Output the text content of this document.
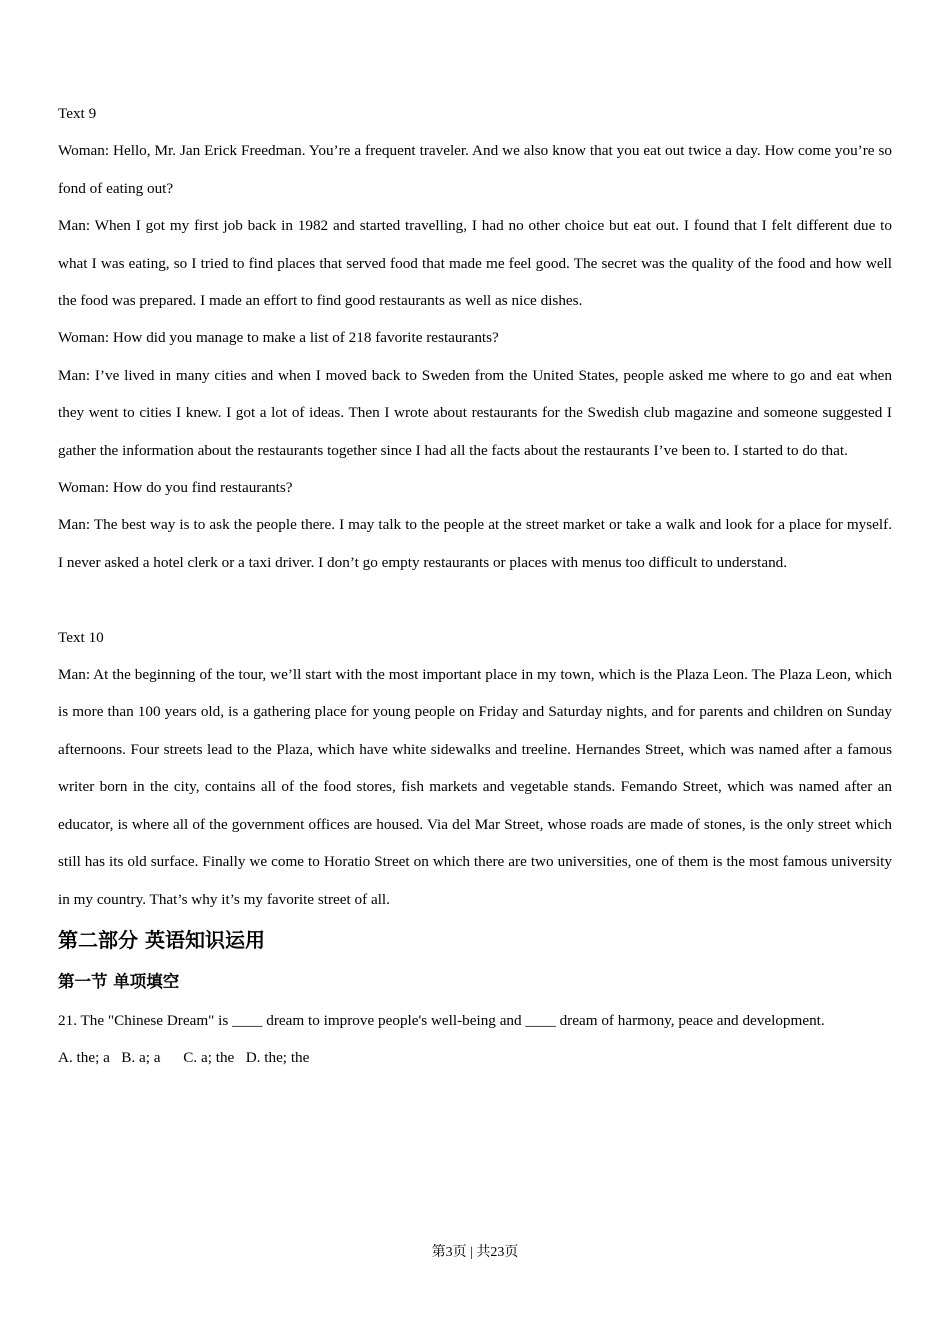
Text 9

Woman: Hello, Mr. Jan Erick Freedman. You’re a frequent traveler. And we also know that you eat out twice a day. How come you’re so fond of eating out?

Man: When I got my first job back in 1982 and started travelling, I had no other choice but eat out. I found that I felt different due to what I was eating, so I tried to find places that served food that made me feel good. The secret was the quality of the food and how well the food was prepared. I made an effort to find good restaurants as well as nice dishes.

Woman: How did you manage to make a list of 218 favorite restaurants?

Man: I’ve lived in many cities and when I moved back to Sweden from the United States, people asked me where to go and eat when they went to cities I knew. I got a lot of ideas. Then I wrote about restaurants for the Swedish club magazine and someone suggested I gather the information about the restaurants together since I had all the facts about the restaurants I’ve been to. I started to do that.

Woman: How do you find restaurants?

Man: The best way is to ask the people there. I may talk to the people at the street market or take a walk and look for a place for myself. I never asked a hotel clerk or a taxi driver. I don’t go empty restaurants or places with menus too difficult to understand.

Text 10

Man: At the beginning of the tour, we’ll start with the most important place in my town, which is the Plaza Leon. The Plaza Leon, which is more than 100 years old, is a gathering place for young people on Friday and Saturday nights, and for parents and children on Sunday afternoons. Four streets lead to the Plaza, which have white sidewalks and treeline. Hernandes Street, which was named after a famous writer born in the city, contains all of the food stores, fish markets and vegetable stands. Femando Street, which was named after an educator, is where all of the government offices are housed. Via del Mar Street, whose roads are made of stones, is the only street which still has its old surface. Finally we come to Horatio Street on which there are two universities, one of them is the most famous university in my country. That’s why it’s my favorite street of all.

第二部分 英语知识运用

第一节 单项填空

21. The "Chinese Dream" is ____ dream to improve people's well-being and ____ dream of harmony, peace and development.

A. the; a   B. a; a      C. a; the   D. the; the

第3页 | 共23页
